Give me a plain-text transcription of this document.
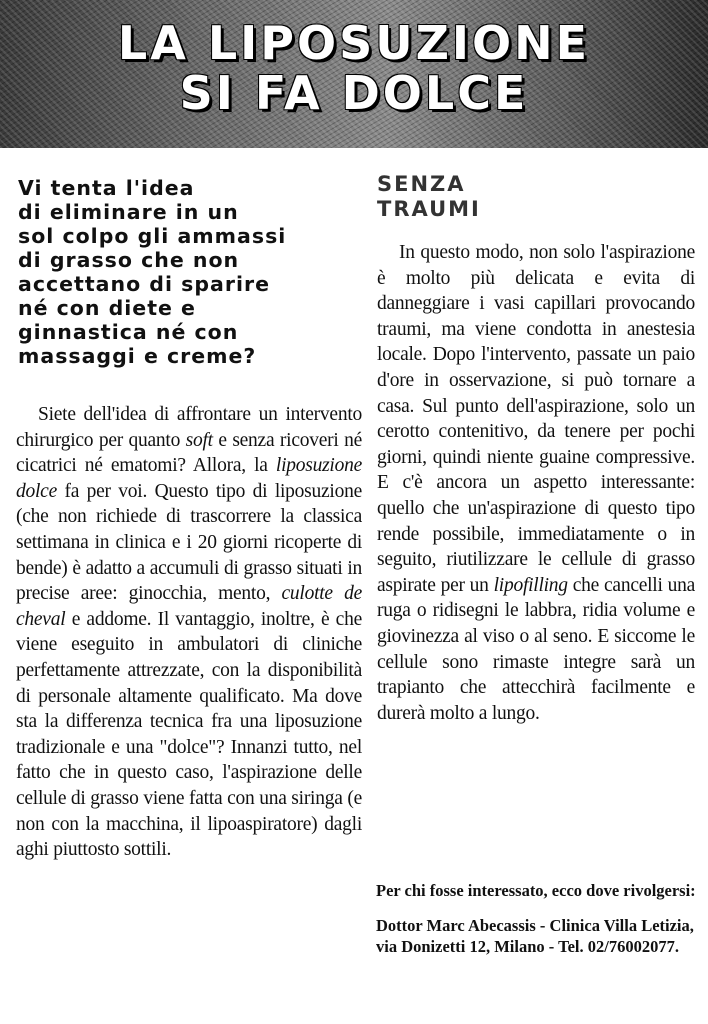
LA LIPOSUZIONE
SI FA DOLCE
Vi tenta l'idea
di eliminare in un
sol colpo gli ammassi
di grasso che non
accettano di sparire
né con diete e
ginnastica né con
massaggi e creme?

Siete dell'idea di affrontare un intervento chirurgico per quanto soft e senza ricoveri né cicatrici né ematomi? Allora, la liposuzione dolce fa per voi. Questo tipo di liposuzione (che non richiede di trascorrere la classica settimana in clinica e i 20 giorni ricoperte di bende) è adatto a accumuli di grasso situati in precise aree: ginocchia, mento, culotte de cheval e addome. Il vantaggio, inoltre, è che viene eseguito in ambulatori di cliniche perfettamente attrezzate, con la disponibilità di personale altamente qualificato. Ma dove sta la differenza tecnica fra una liposuzione tradizionale e una "dolce"? Innanzi tutto, nel fatto che in questo caso, l'aspirazione delle cellule di grasso viene fatta con una siringa (e non con la macchina, il lipoaspiratore) dagli aghi piuttosto sottili.

SENZA
TRAUMI

In questo modo, non solo l'aspirazione è molto più delicata e evita di danneggiare i vasi capillari provocando traumi, ma viene condotta in anestesia locale. Dopo l'intervento, passate un paio d'ore in osservazione, si può tornare a casa. Sul punto dell'aspirazione, solo un cerotto contenitivo, da tenere per pochi giorni, quindi niente guaine compressive. E c'è ancora un aspetto interessante: quello che un'aspirazione di questo tipo rende possibile, immediatamente o in seguito, riutilizzare le cellule di grasso aspirate per un lipofilling che cancelli una ruga o ridisegni le labbra, ridia volume e giovinezza al viso o al seno. E siccome le cellule sono rimaste integre sarà un trapianto che attecchirà facilmente e durerà molto a lungo.

Per chi fosse interessato, ecco dove rivolgersi:

Dottor Marc Abecassis - Clinica Villa Letizia, via Donizetti 12, Milano - Tel. 02/76002077.
